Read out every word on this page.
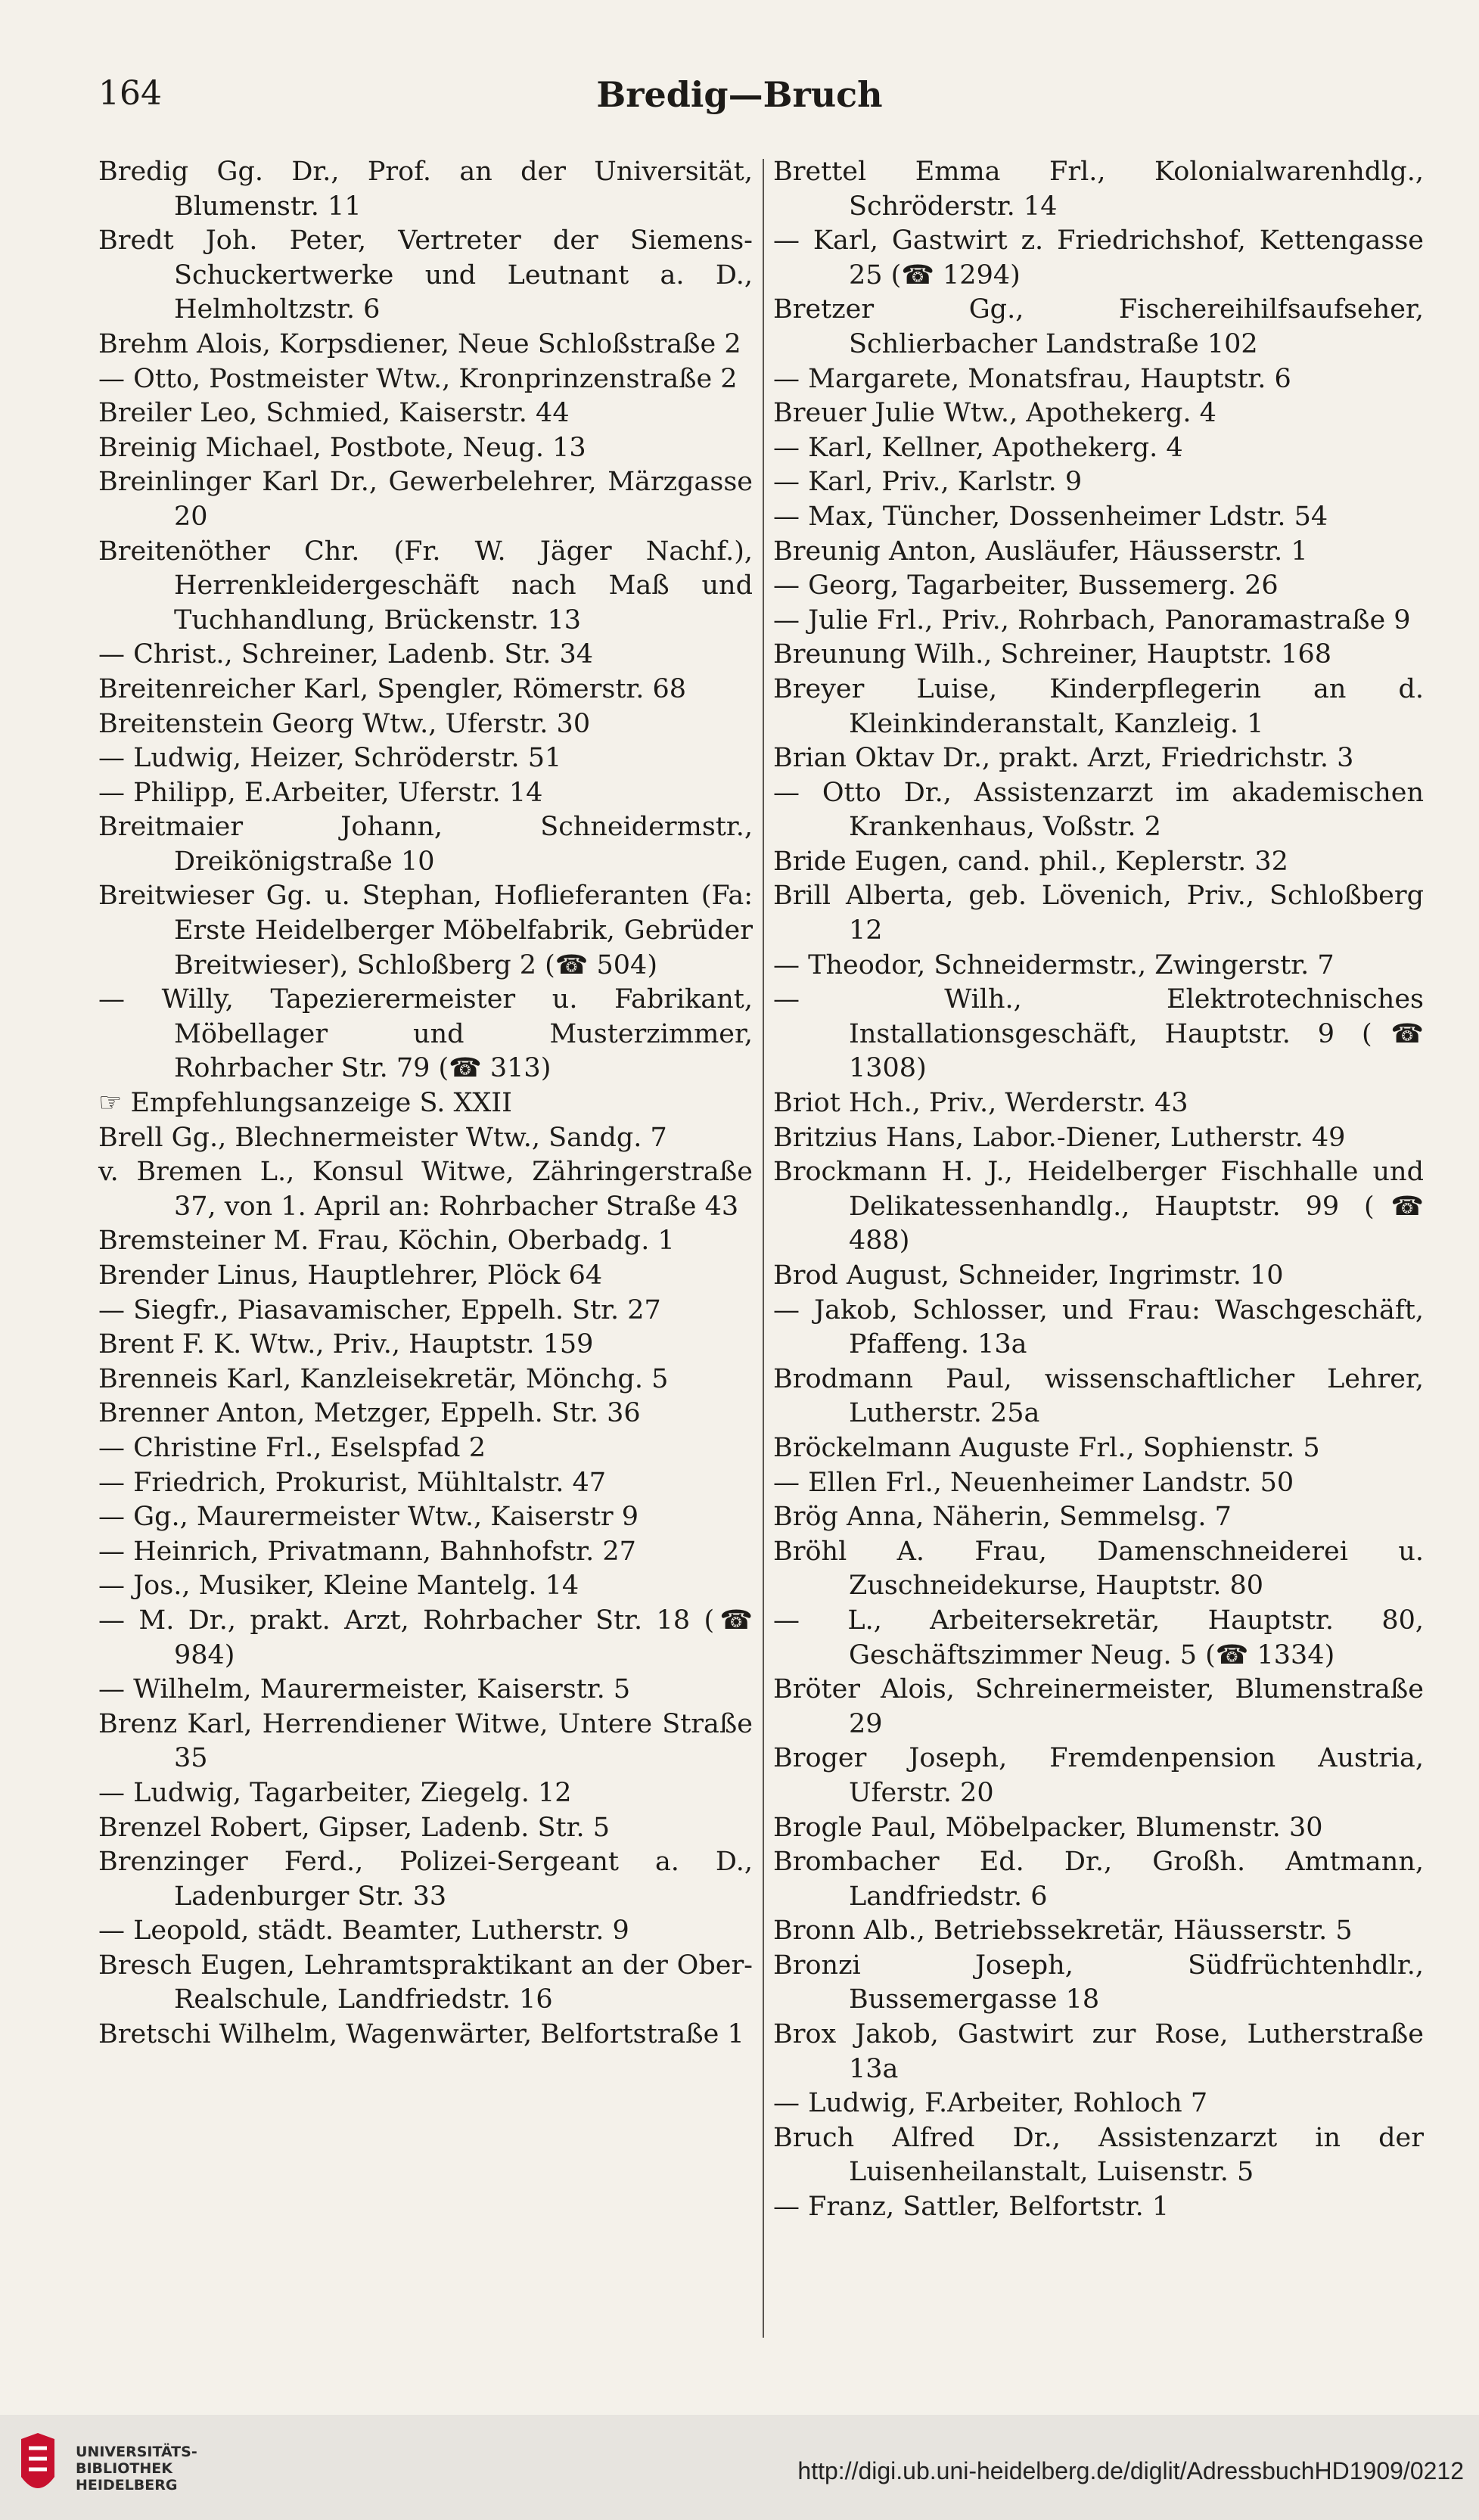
164	Bredig—Bruch

Bredig Gg. Dr., Prof. an der Universität, Blumenstr. 11

Bredt Joh. Peter, Vertreter der Siemens-Schuckertwerke und Leutnant a. D., Helmholtzstr. 6

Brehm Alois, Korpsdiener, Neue Schloßstraße 2

— Otto, Postmeister Wtw., Kronprinzenstraße 2

Breiler Leo, Schmied, Kaiserstr. 44

Breinig Michael, Postbote, Neug. 13

Breinlinger Karl Dr., Gewerbelehrer, Märzgasse 20

Breitenöther Chr. (Fr. W. Jäger Nachf.), Herrenkleidergeschäft nach Maß und Tuchhandlung, Brückenstr. 13

— Christ., Schreiner, Ladenb. Str. 34

Breitenreicher Karl, Spengler, Römerstr. 68

Breitenstein Georg Wtw., Uferstr. 30

— Ludwig, Heizer, Schröderstr. 51

— Philipp, E.Arbeiter, Uferstr. 14

Breitmaier Johann, Schneidermstr., Dreikönigstraße 10

Breitwieser Gg. u. Stephan, Hoflieferanten (Fa: Erste Heidelberger Möbelfabrik, Gebrüder Breitwieser), Schloßberg 2 (☎ 504)

— Willy, Tapezierermeister u. Fabrikant, Möbellager und Musterzimmer, Rohrbacher Str. 79 (☎ 313)

☞ Empfehlungsanzeige S. XXII

Brell Gg., Blechnermeister Wtw., Sandg. 7

v. Bremen L., Konsul Witwe, Zähringerstraße 37, von 1. April an: Rohrbacher Straße 43

Bremsteiner M. Frau, Köchin, Oberbadg. 1

Brender Linus, Hauptlehrer, Plöck 64

— Siegfr., Piasavamischer, Eppelh. Str. 27

Brent F. K. Wtw., Priv., Hauptstr. 159

Brenneis Karl, Kanzleisekretär, Mönchg. 5

Brenner Anton, Metzger, Eppelh. Str. 36

— Christine Frl., Eselspfad 2

— Friedrich, Prokurist, Mühltalstr. 47

— Gg., Maurermeister Wtw., Kaiserstr 9

— Heinrich, Privatmann, Bahnhofstr. 27

— Jos., Musiker, Kleine Mantelg. 14

— M. Dr., prakt. Arzt, Rohrbacher Str. 18 (☎ 984)

— Wilhelm, Maurermeister, Kaiserstr. 5

Brenz Karl, Herrendiener Witwe, Untere Straße 35

— Ludwig, Tagarbeiter, Ziegelg. 12

Brenzel Robert, Gipser, Ladenb. Str. 5

Brenzinger Ferd., Polizei-Sergeant a. D., Ladenburger Str. 33

— Leopold, städt. Beamter, Lutherstr. 9

Bresch Eugen, Lehramtspraktikant an der Ober-Realschule, Landfriedstr. 16

Bretschi Wilhelm, Wagenwärter, Belfortstraße 1

Brettel Emma Frl., Kolonialwarenhdlg., Schröderstr. 14

— Karl, Gastwirt z. Friedrichshof, Kettengasse 25 (☎ 1294)

Bretzer Gg., Fischereihilfsaufseher, Schlierbacher Landstraße 102

— Margarete, Monatsfrau, Hauptstr. 6

Breuer Julie Wtw., Apothekerg. 4

— Karl, Kellner, Apothekerg. 4

— Karl, Priv., Karlstr. 9

— Max, Tüncher, Dossenheimer Ldstr. 54

Breunig Anton, Ausläufer, Häusserstr. 1

— Georg, Tagarbeiter, Bussemerg. 26

— Julie Frl., Priv., Rohrbach, Panoramastraße 9

Breunung Wilh., Schreiner, Hauptstr. 168

Breyer Luise, Kinderpflegerin an d. Kleinkinderanstalt, Kanzleig. 1

Brian Oktav Dr., prakt. Arzt, Friedrichstr. 3

— Otto Dr., Assistenzarzt im akademischen Krankenhaus, Voßstr. 2

Bride Eugen, cand. phil., Keplerstr. 32

Brill Alberta, geb. Lövenich, Priv., Schloßberg 12

— Theodor, Schneidermstr., Zwingerstr. 7

— Wilh., Elektrotechnisches Installationsgeschäft, Hauptstr. 9 (☎ 1308)

Briot Hch., Priv., Werderstr. 43

Britzius Hans, Labor.-Diener, Lutherstr. 49

Brockmann H. J., Heidelberger Fischhalle und Delikatessenhandlg., Hauptstr. 99 (☎ 488)

Brod August, Schneider, Ingrimstr. 10

— Jakob, Schlosser, und Frau: Waschgeschäft, Pfaffeng. 13a

Brodmann Paul, wissenschaftlicher Lehrer, Lutherstr. 25a

Bröckelmann Auguste Frl., Sophienstr. 5

— Ellen Frl., Neuenheimer Landstr. 50

Brög Anna, Näherin, Semmelsg. 7

Bröhl A. Frau, Damenschneiderei u. Zuschneidekurse, Hauptstr. 80

— L., Arbeitersekretär, Hauptstr. 80, Geschäftszimmer Neug. 5 (☎ 1334)

Bröter Alois, Schreinermeister, Blumenstraße 29

Broger Joseph, Fremdenpension Austria, Uferstr. 20

Brogle Paul, Möbelpacker, Blumenstr. 30

Brombacher Ed. Dr., Großh. Amtmann, Landfriedstr. 6

Bronn Alb., Betriebssekretär, Häusserstr. 5

Bronzi Joseph, Südfrüchtenhdlr., Bussemergasse 18

Brox Jakob, Gastwirt zur Rose, Lutherstraße 13a

— Ludwig, F.Arbeiter, Rohloch 7

Bruch Alfred Dr., Assistenzarzt in der Luisenheilanstalt, Luisenstr. 5

— Franz, Sattler, Belfortstr. 1

UNIVERSITÄTS-
BIBLIOTHEK
HEIDELBERG
http://digi.ub.uni-heidelberg.de/diglit/AdressbuchHD1909/0212
